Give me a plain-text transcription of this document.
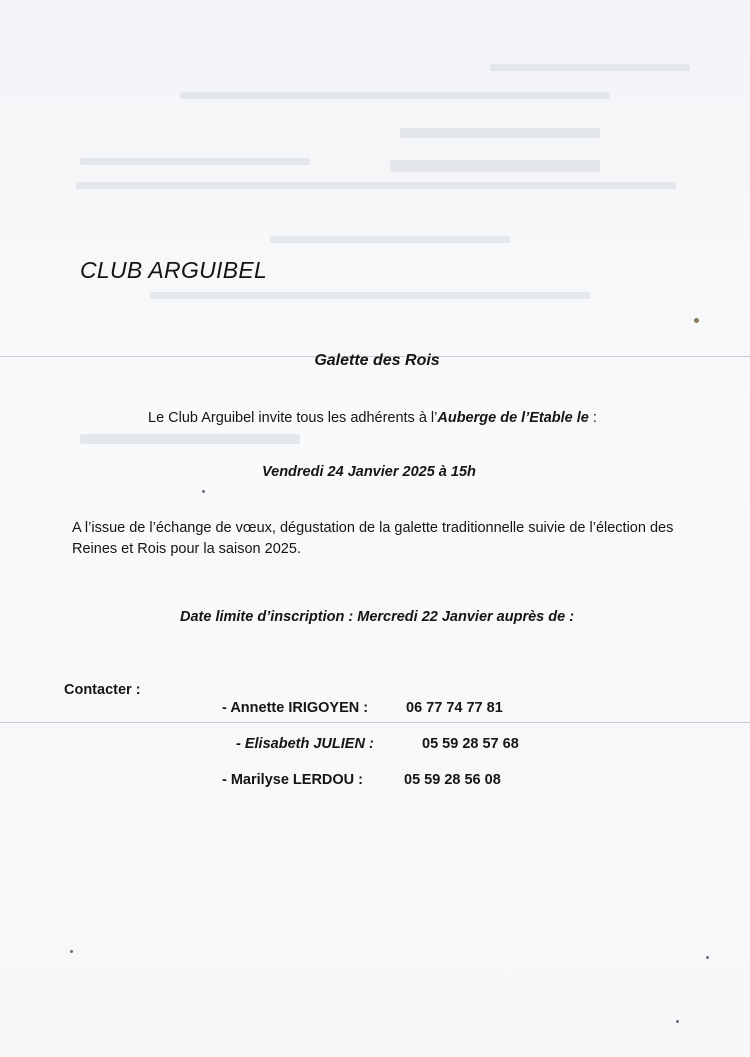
CLUB ARGUIBEL
Galette des Rois
Le Club Arguibel invite tous les adhérents à l’Auberge de l’Etable le :
Vendredi 24 Janvier 2025 à 15h
A l’issue de l’échange de vœux, dégustation de la galette traditionnelle suivie de l’élection des Reines et Rois pour la saison 2025.
Date limite d’inscription : Mercredi 22 Janvier auprès de :
Contacter :
- Annette IRIGOYEN :	06 77 74 77 81
- Elisabeth JULIEN :	05 59 28 57 68
- Marilyse LERDOU :	05 59 28 56 08
